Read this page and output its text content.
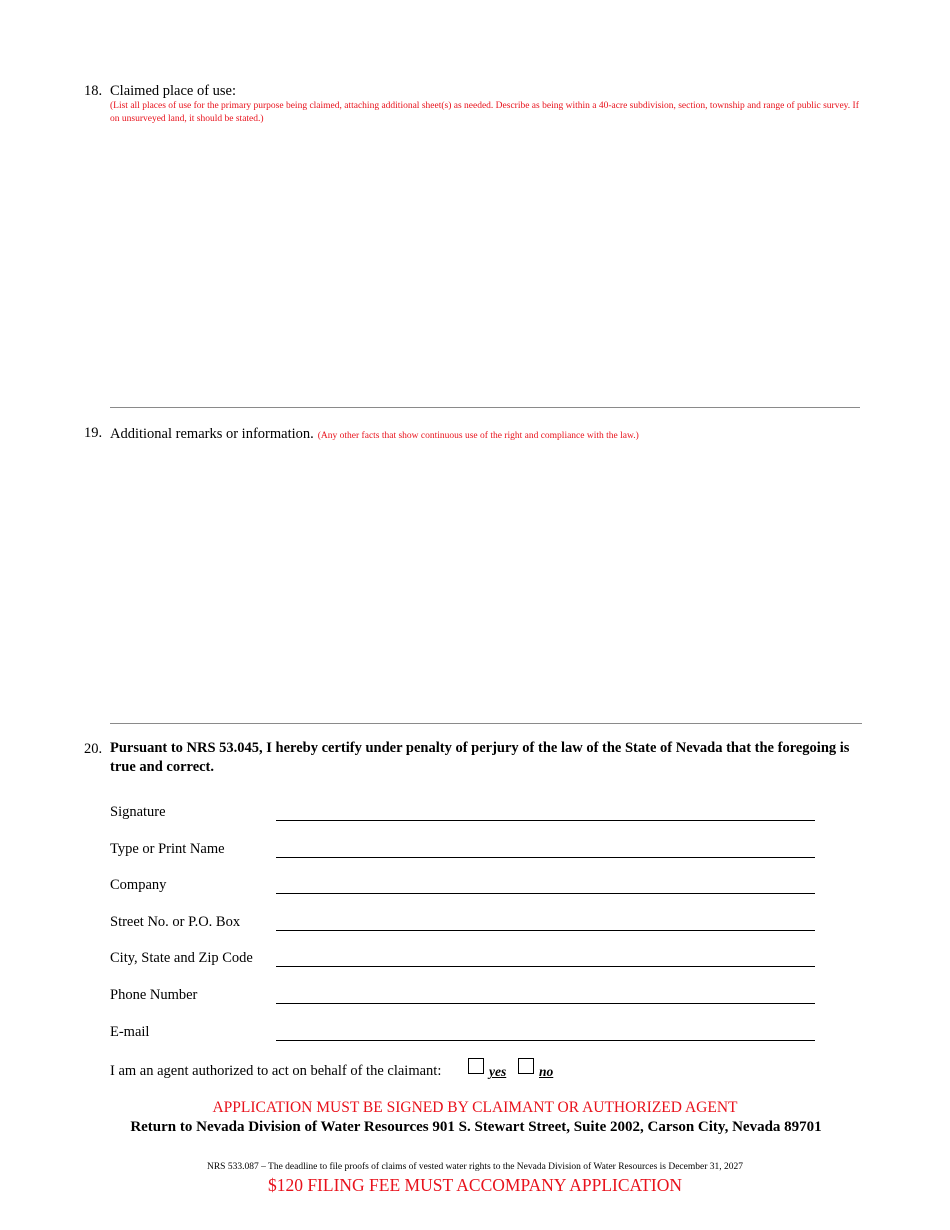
18. Claimed place of use:
(List all places of use for the primary purpose being claimed, attaching additional sheet(s) as needed. Describe as being within a 40-acre subdivision, section, township and range of public survey. If on unsurveyed land, it should be stated.)
19. Additional remarks or information. (Any other facts that show continuous use of the right and compliance with the law.)
20. Pursuant to NRS 53.045, I hereby certify under penalty of perjury of the law of the State of Nevada that the foregoing is true and correct.
Signature
Type or Print Name
Company
Street No. or P.O. Box
City, State and Zip Code
Phone Number
E-mail
I am an agent authorized to act on behalf of the claimant:	yes no
APPLICATION MUST BE SIGNED BY CLAIMANT OR AUTHORIZED AGENT
Return to Nevada Division of Water Resources 901 S. Stewart Street, Suite 2002, Carson City, Nevada 89701
NRS 533.087 – The deadline to file proofs of claims of vested water rights to the Nevada Division of Water Resources is December 31, 2027
$120 FILING FEE MUST ACCOMPANY APPLICATION
